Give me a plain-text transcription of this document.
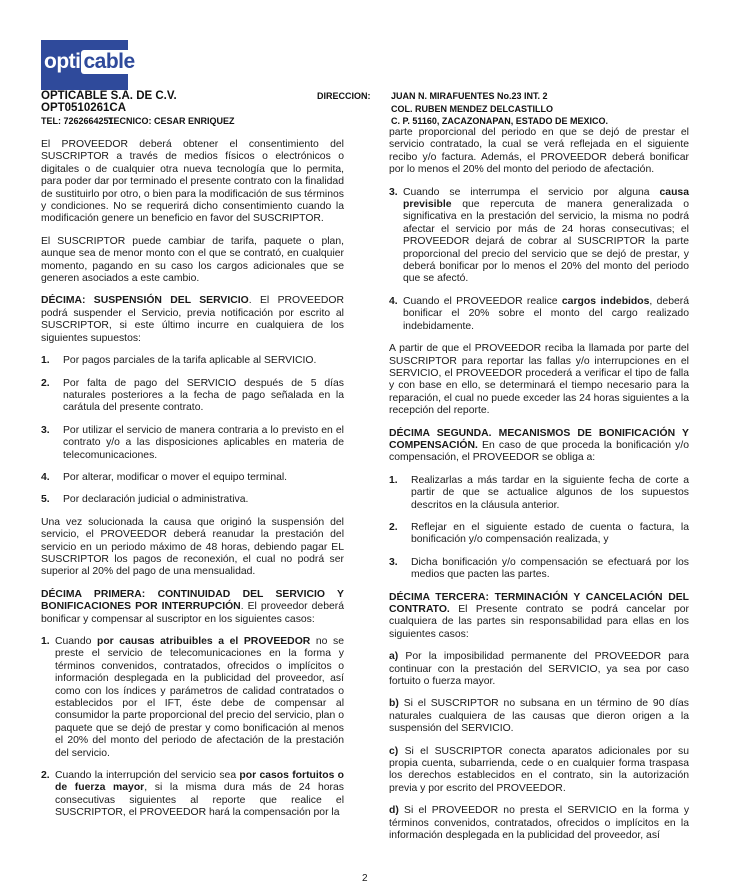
opti cable
OPTICABLE S.A. DE C.V.
OPT0510261CA
TEL: 7262664251
TECNICO: CESAR ENRIQUEZ
DIRECCION: JUAN N. MIRAFUENTES No.23 INT. 2
COL. RUBEN MENDEZ DELCASTILLO
C. P. 51160, ZACAZONAPAN, ESTADO DE MEXICO.

El PROVEEDOR deberá obtener el consentimiento del SUSCRIPTOR a través de medios físicos o electrónicos o digitales o de cualquier otra nueva tecnología que lo permita, para poder dar por terminado el presente contrato con la finalidad de sustituirlo por otro, o bien para la modificación de sus términos y condiciones. No se requerirá dicho consentimiento cuando la modificación genere un beneficio en favor del SUSCRIPTOR.

El SUSCRIPTOR puede cambiar de tarifa, paquete o plan, aunque sea de menor monto con el que se contrató, en cualquier momento, pagando en su caso los cargos adicionales que se generen asociados a este cambio.

DÉCIMA: SUSPENSIÓN DEL SERVICIO. El PROVEEDOR podrá suspender el Servicio, previa notificación por escrito al SUSCRIPTOR, si este último incurre en cualquiera de los siguientes supuestos:

1.	Por pagos parciales de la tarifa aplicable al SERVICIO.
2.	Por falta de pago del SERVICIO después de 5 días naturales posteriores a la fecha de pago señalada en la carátula del presente contrato.
3.	Por utilizar el servicio de manera contraria a lo previsto en el contrato y/o a las disposiciones aplicables en materia de telecomunicaciones.
4.	Por alterar, modificar o mover el equipo terminal.
5.	Por declaración judicial o administrativa.

Una vez solucionada la causa que originó la suspensión del servicio, el PROVEEDOR deberá reanudar la prestación del servicio en un periodo máximo de 48 horas, debiendo pagar EL SUSCRIPTOR los pagos de reconexión, el cual no podrá ser superior al 20% del pago de una mensualidad.

DÉCIMA PRIMERA: CONTINUIDAD DEL SERVICIO Y BONIFICACIONES POR INTERRUPCIÓN. El proveedor deberá bonificar y compensar al suscriptor en los siguientes casos:

1. Cuando por causas atribuibles a el PROVEEDOR no se preste el servicio de telecomunicaciones en la forma y términos convenidos, contratados, ofrecidos o implícitos o información desplegada en la publicidad del proveedor, así como con los índices y parámetros de calidad contratados o establecidos por el IFT, éste debe de compensar al consumidor la parte proporcional del precio del servicio, plan o paquete que se dejó de prestar y como bonificación al menos el 20% del monto del periodo de afectación de la prestación del servicio.
2. Cuando la interrupción del servicio sea por casos fortuitos o de fuerza mayor, si la misma dura más de 24 horas consecutivas siguientes al reporte que realice el SUSCRIPTOR, el PROVEEDOR hará la compensación por la

parte proporcional del periodo en que se dejó de prestar el servicio contratado, la cual se verá reflejada en el siguiente recibo y/o factura. Además, el PROVEEDOR deberá bonificar por lo menos el 20% del monto del periodo de afectación.

3. Cuando se interrumpa el servicio por alguna causa previsible que repercuta de manera generalizada o significativa en la prestación del servicio, la misma no podrá afectar el servicio por más de 24 horas consecutivas; el PROVEEDOR dejará de cobrar al SUSCRIPTOR la parte proporcional del precio del servicio que se dejó de prestar, y deberá bonificar por lo menos el 20% del monto del periodo que se afectó.
4. Cuando el PROVEEDOR realice cargos indebidos, deberá bonificar el 20% sobre el monto del cargo realizado indebidamente.

A partir de que el PROVEEDOR reciba la llamada por parte del SUSCRIPTOR para reportar las fallas y/o interrupciones en el SERVICIO, el PROVEEDOR procederá a verificar el tipo de falla y con base en ello, se determinará el tiempo necesario para la reparación, el cual no puede exceder las 24 horas siguientes a la recepción del reporte.

DÉCIMA SEGUNDA. MECANISMOS DE BONIFICACIÓN Y COMPENSACIÓN. En caso de que proceda la bonificación y/o compensación, el PROVEEDOR se obliga a:

1.	Realizarlas a más tardar en la siguiente fecha de corte a partir de que se actualice algunos de los supuestos descritos en la cláusula anterior.
2.	Reflejar en el siguiente estado de cuenta o factura, la bonificación y/o compensación realizada, y
3.	Dicha bonificación y/o compensación se efectuará por los medios que pacten las partes.

DÉCIMA TERCERA: TERMINACIÓN Y CANCELACIÓN DEL CONTRATO. El Presente contrato se podrá cancelar por cualquiera de las partes sin responsabilidad para ellas en los siguientes casos:

a) Por la imposibilidad permanente del PROVEEDOR para continuar con la prestación del SERVICIO, ya sea por caso fortuito o fuerza mayor.

b) Si el SUSCRIPTOR no subsana en un término de 90 días naturales cualquiera de las causas que dieron origen a la suspensión del SERVICIO.

c) Si el SUSCRIPTOR conecta aparatos adicionales por su propia cuenta, subarrienda, cede o en cualquier forma traspasa los derechos establecidos en el contrato, sin la autorización previa y por escrito del PROVEEDOR.

d) Si el PROVEEDOR no presta el SERVICIO en la forma y términos convenidos, contratados, ofrecidos o implícitos en la información desplegada en la publicidad del proveedor, así

2
